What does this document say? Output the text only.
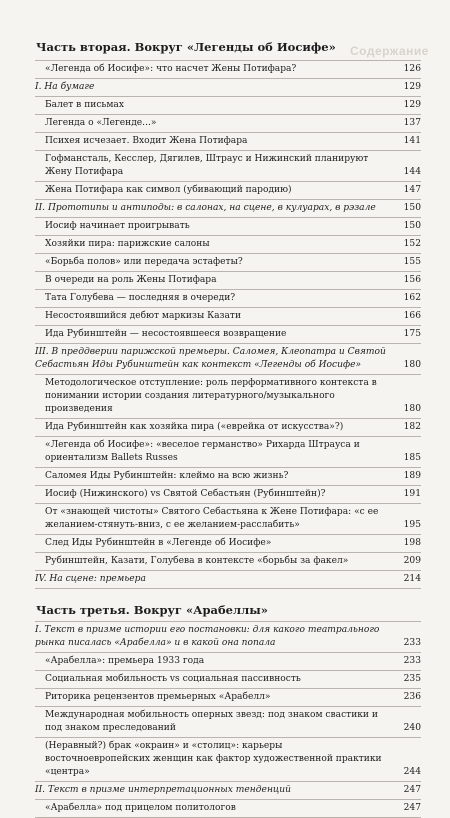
Содержание
Часть вторая. Вокруг «Легенды об Иосифе»
«Легенда об Иосифе»: что насчет Жены Потифара?	126
I. На бумаге	129
Балет в письмах	129
Легенда о «Легенде...»	137
Психея исчезает. Входит Жена Потифара	141
Гофмансталь, Кесслер, Дягилев, Штраус и Нижинский планируют Жену Потифара	144
Жена Потифара как символ (убивающий пародию)	147
II. Прототипы и антиподы: в салонах, на сцене, в кулуарах, в рэзале	150
Иосиф начинает проигрывать	150
Хозяйки пира: парижские салоны	152
«Борьба полов» или передача эстафеты?	155
В очереди на роль Жены Потифара	156
Тата Голубева — последняя в очереди?	162
Несостоявшийся дебют маркизы Казати	166
Ида Рубинштейн — несостоявшееся возвращение	175
III. В преддверии парижской премьеры. Саломея, Клеопатра и Святой Себастьян Иды Рубинштейн как контекст «Легенды об Иосифе»	180
Методологическое отступление: роль перформативного контекста в понимании истории создания литературного/музыкального произведения	180
Ида Рубинштейн как хозяйка пира («еврейка от искусства»?)	182
«Легенда об Иосифе»: «веселое германство» Рихарда Штрауса и ориентализм Ballets Russes	185
Саломея Иды Рубинштейн: клеймо на всю жизнь?	189
Иосиф (Нижинского) vs Святой Себастьян (Рубинштейн)?	191
От «знающей чистоты» Святого Себастьяна к Жене Потифара: «с ее желанием-стянуть-вниз, с ее желанием-расслабить»	195
След Иды Рубинштейн в «Легенде об Иосифе»	198
Рубинштейн, Казати, Голубева в контексте «борьбы за факел»	209
IV. На сцене: премьера	214
Часть третья. Вокруг «Арабеллы»
I. Текст в призме истории его постановки: для какого театрального рынка писалась «Арабелла» и в какой она попала	233
«Арабелла»: премьера 1933 года	233
Социальная мобильность vs социальная пассивность	235
Риторика рецензентов премьерных «Арабелл»	236
Международная мобильность оперных звезд: под знаком свастики и под знаком преследований	240
(Неравный?) брак «окраин» и «столиц»: карьеры восточноевропейских женщин как фактор художественной практики «центра»	244
II. Текст в призме интерпретационных тенденций	247
«Арабелла» под прицелом политологов	247
